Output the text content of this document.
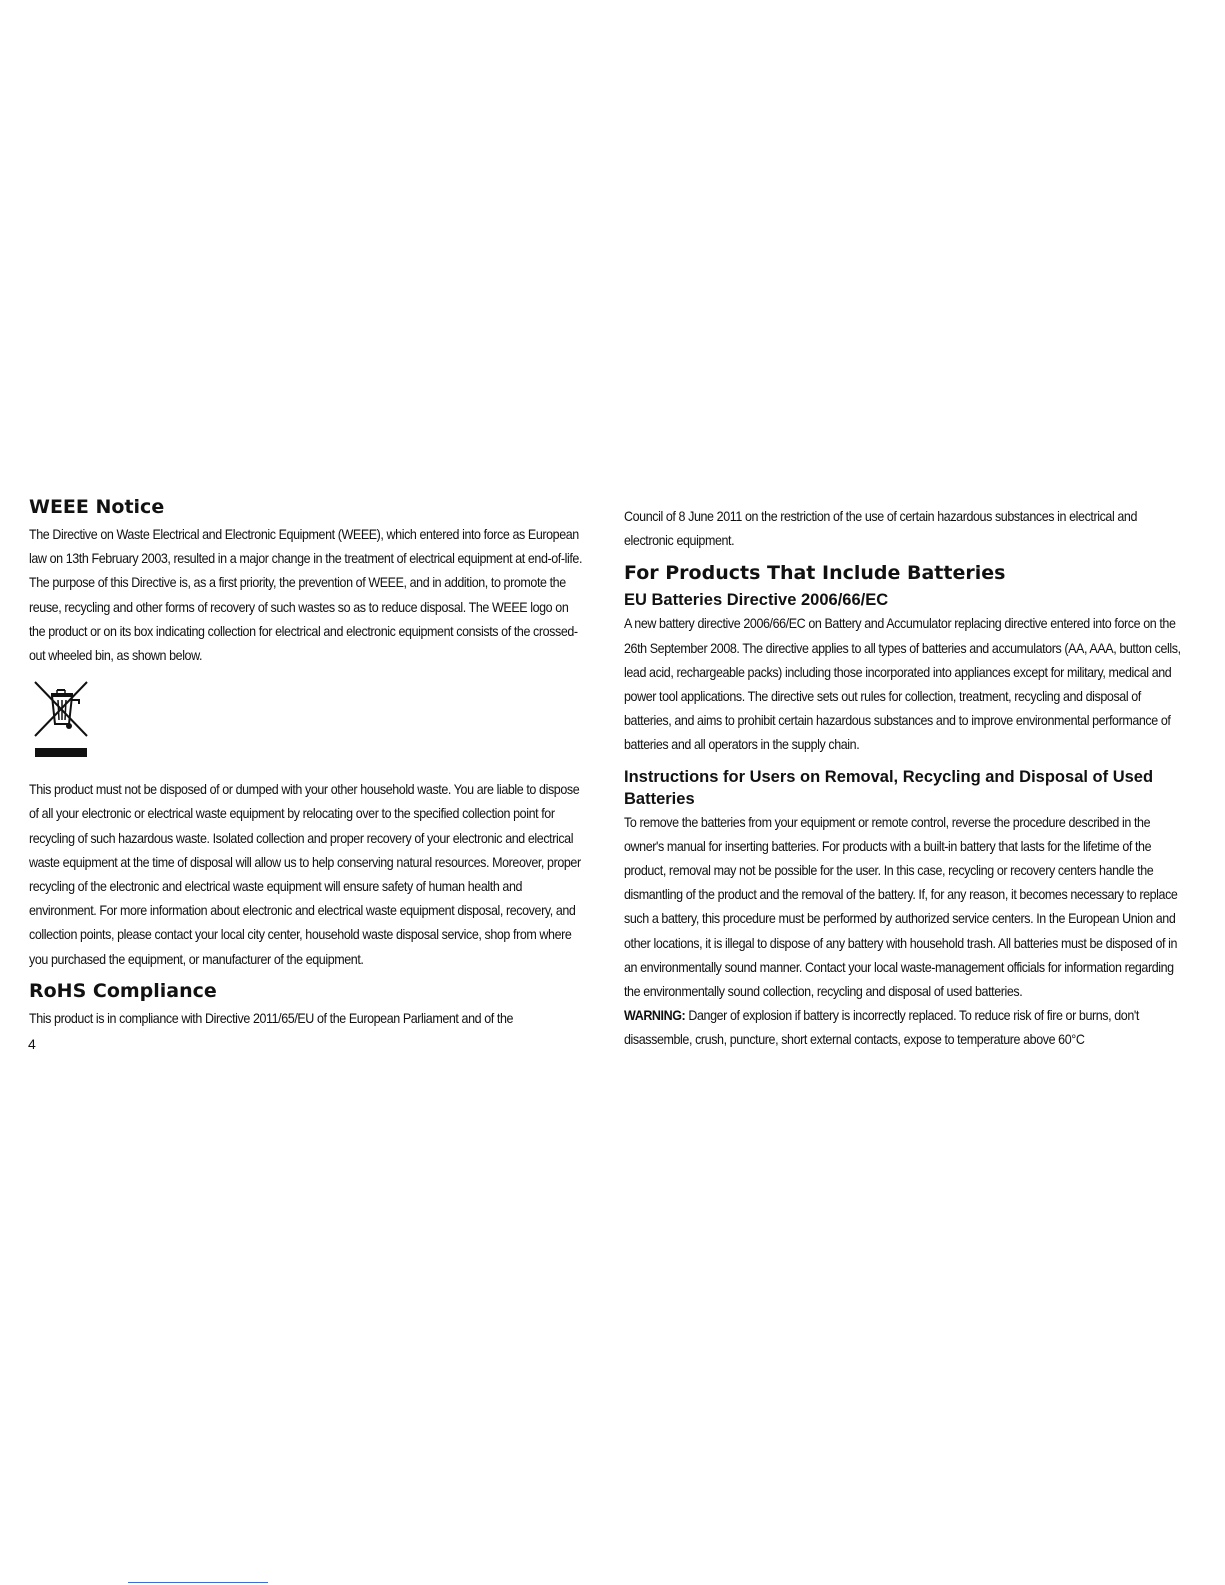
WEEE Notice

The Directive on Waste Electrical and Electronic Equipment (WEEE), which entered into force as European law on 13th February 2003, resulted in a major change in the treatment of electrical equipment at end-of-life.

The purpose of this Directive is, as a first priority, the prevention of WEEE, and in addition, to promote the reuse, recycling and other forms of recovery of such wastes so as to reduce disposal. The WEEE logo on the product or on its box indicating collection for electrical and electronic equipment consists of the crossed-out wheeled bin, as shown below.

This product must not be disposed of or dumped with your other household waste. You are liable to dispose of all your electronic or electrical waste equipment by relocating over to the specified collection point for recycling of such hazardous waste. Isolated collection and proper recovery of your electronic and electrical waste equipment at the time of disposal will allow us to help conserving natural resources. Moreover, proper recycling of the electronic and electrical waste equipment will ensure safety of human health and environment. For more information about electronic and electrical waste equipment disposal, recovery, and collection points, please contact your local city center, household waste disposal service, shop from where you purchased the equipment, or manufacturer of the equipment.

RoHS Compliance

This product is in compliance with Directive 2011/65/EU of the European Parliament and of the

4

Council of 8 June 2011 on the restriction of the use of certain hazardous substances in electrical and electronic equipment.

For Products That Include Batteries
EU Batteries Directive 2006/66/EC

A new battery directive 2006/66/EC on Battery and Accumulator replacing directive entered into force on the 26th September 2008. The directive applies to all types of batteries and accumulators (AA, AAA, button cells, lead acid, rechargeable packs) including those incorporated into appliances except for military, medical and power tool applications. The directive sets out rules for collection, treatment, recycling and disposal of batteries, and aims to prohibit certain hazardous substances and to improve environmental performance of batteries and all operators in the supply chain.

Instructions for Users on Removal, Recycling and Disposal of Used Batteries

To remove the batteries from your equipment or remote control, reverse the procedure described in the owner's manual for inserting batteries. For products with a built-in battery that lasts for the lifetime of the product, removal may not be possible for the user. In this case, recycling or recovery centers handle the dismantling of the product and the removal of the battery. If, for any reason, it becomes necessary to replace such a battery, this procedure must be performed by authorized service centers. In the European Union and other locations, it is illegal to dispose of any battery with household trash. All batteries must be disposed of in an environmentally sound manner. Contact your local waste-management officials for information regarding the environmentally sound collection, recycling and disposal of used batteries.

WARNING: Danger of explosion if battery is incorrectly replaced. To reduce risk of fire or burns, don't disassemble, crush, puncture, short external contacts, expose to temperature above 60°C
